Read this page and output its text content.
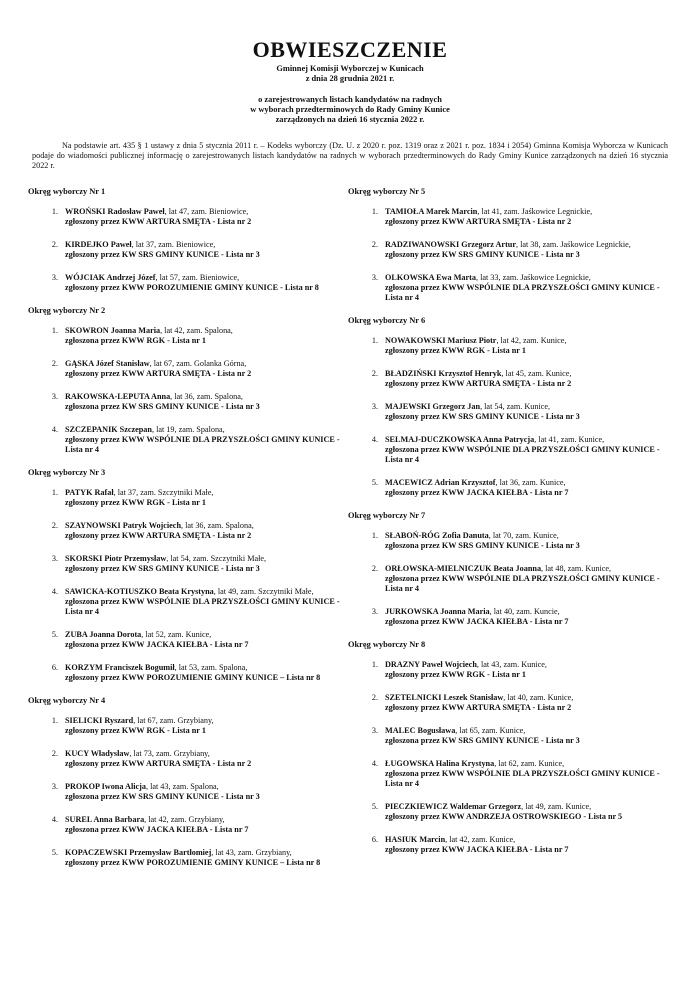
OBWIESZCZENIE
Gminnej Komisji Wyborczej w Kunicach
z dnia 28 grudnia 2021 r.
o zarejestrowanych listach kandydatów na radnych
w wyborach przedterminowych do Rady Gminy Kunice
zarządzonych na dzień 16 stycznia 2022 r.
Na podstawie art. 435 § 1 ustawy z dnia 5 stycznia 2011 r. – Kodeks wyborczy (Dz. U. z 2020 r. poz. 1319 oraz z 2021 r. poz. 1834 i 2054) Gminna Komisja Wyborcza w Kunicach podaje do wiadomości publicznej informację o zarejestrowanych listach kandydatów na radnych w wyborach przedterminowych do Rady Gminy Kunice zarządzonych na dzień 16 stycznia 2022 r.
Okręg wyborczy Nr 1
1. WROŃSKI Radosław Paweł, lat 47, zam. Bieniowice,
zgłoszony przez KWW ARTURA SMĘTA - Lista nr 2
2. KIRDEJKO Paweł, lat 37, zam. Bieniowice,
zgłoszony przez KW SRS GMINY KUNICE - Lista nr 3
3. WÓJCIAK Andrzej Józef, lat 57, zam. Bieniowice,
zgłoszony przez KWW POROZUMIENIE GMINY KUNICE - Lista nr 8
Okręg wyborczy Nr 2
1. SKOWRON Joanna Maria, lat 42, zam. Spalona,
zgłoszona przez KWW RGK - Lista nr 1
2. GĄSKA Józef Stanisław, lat 67, zam. Golanka Górna,
zgłoszony przez KWW ARTURA SMĘTA - Lista nr 2
3. RAKOWSKA-LEPUTA Anna, lat 36, zam. Spalona,
zgłoszona przez KW SRS GMINY KUNICE - Lista nr 3
4. SZCZEPANIK Szczepan, lat 19, zam. Spalona,
zgłoszony przez KWW WSPÓLNIE DLA PRZYSZŁOŚCI GMINY KUNICE - Lista nr 4
Okręg wyborczy Nr 3
1. PATYK Rafał, lat 37, zam. Szczytniki Małe,
zgłoszony przez KWW RGK - Lista nr 1
2. SZAYNOWSKI Patryk Wojciech, lat 36, zam. Spalona,
zgłoszony przez KWW ARTURA SMĘTA - Lista nr 2
3. SKORSKI Piotr Przemysław, lat 54, zam. Szczytniki Małe,
zgłoszony przez KW SRS GMINY KUNICE - Lista nr 3
4. SAWICKA-KOTIUSZKO Beata Krystyna, lat 49, zam. Szczytniki Małe,
zgłoszona przez KWW WSPÓLNIE DLA PRZYSZŁOŚCI GMINY KUNICE - Lista nr 4
5. ZUBA Joanna Dorota, lat 52, zam. Kunice,
zgłoszona przez KWW JACKA KIEŁBA - Lista nr 7
6. KORZYM Franciszek Bogumił, lat 53, zam. Spalona,
zgłoszony przez KWW POROZUMIENIE GMINY KUNICE – Lista nr 8
Okręg wyborczy Nr 4
1. SIELICKI Ryszard, lat 67, zam. Grzybiany,
zgłoszony przez KWW RGK - Lista nr 1
2. KUCY Władysław, lat 73, zam. Grzybiany,
zgłoszony przez KWW ARTURA SMĘTA - Lista nr 2
3. PROKOP Iwona Alicja, lat 43, zam. Spalona,
zgłoszona przez KW SRS GMINY KUNICE - Lista nr 3
4. SUREL Anna Barbara, lat 42, zam. Grzybiany,
zgłoszona przez KWW JACKA KIEŁBA - Lista nr 7
5. KOPACZEWSKI Przemysław Bartłomiej, lat 43, zam. Grzybiany,
zgłoszony przez KWW POROZUMIENIE GMINY KUNICE – Lista nr 8
Okręg wyborczy Nr 5
1. TAMIOŁA Marek Marcin, lat 41, zam. Jaśkowice Legnickie,
zgłoszony przez KWW ARTURA SMĘTA - Lista nr 2
2. RADZIWANOWSKI Grzegorz Artur, lat 38, zam. Jaśkowice Legnickie,
zgłoszony przez KW SRS GMINY KUNICE - Lista nr 3
3. OLKOWSKA Ewa Marta, lat 33, zam. Jaśkowice Legnickie,
zgłoszona przez KWW WSPÓLNIE DLA PRZYSZŁOŚCI GMINY KUNICE - Lista nr 4
Okręg wyborczy Nr 6
1. NOWAKOWSKI Mariusz Piotr, lat 42, zam. Kunice,
zgłoszony przez KWW RGK - Lista nr 1
2. BŁADZIŃSKI Krzysztof Henryk, lat 45, zam. Kunice,
zgłoszony przez KWW ARTURA SMĘTA - Lista nr 2
3. MAJEWSKI Grzegorz Jan, lat 54, zam. Kunice,
zgłoszony przez KW SRS GMINY KUNICE - Lista nr 3
4. SELMAJ-DUCZKOWSKA Anna Patrycja, lat 41, zam. Kunice,
zgłoszona przez KWW WSPÓLNIE DLA PRZYSZŁOŚCI GMINY KUNICE - Lista nr 4
5. MACEWICZ Adrian Krzysztof, lat 36, zam. Kunice,
zgłoszony przez KWW JACKA KIEŁBA - Lista nr 7
Okręg wyborczy Nr 7
1. SŁABOŃ-RÓG Zofia Danuta, lat 70, zam. Kunice,
zgłoszona przez KW SRS GMINY KUNICE - Lista nr 3
2. ORŁOWSKA-MIELNICZUK Beata Joanna, lat 48, zam. Kunice,
zgłoszona przez KWW WSPÓLNIE DLA PRZYSZŁOŚCI GMINY KUNICE - Lista nr 4
3. JURKOWSKA Joanna Maria, lat 40, zam. Kuncie,
zgłoszona przez KWW JACKA KIEŁBA - Lista nr 7
Okręg wyborczy Nr 8
1. DRAZNY Paweł Wojciech, lat 43, zam. Kunice,
zgłoszony przez KWW RGK - Lista nr 1
2. SZETELNICKI Leszek Stanisław, lat 40, zam. Kunice,
zgłoszony przez KWW ARTURA SMĘTA - Lista nr 2
3. MALEC Bogusława, lat 65, zam. Kunice,
zgłoszona przez KW SRS GMINY KUNICE - Lista nr 3
4. ŁUGOWSKA Halina Krystyna, lat 62, zam. Kunice,
zgłoszona przez KWW WSPÓLNIE DLA PRZYSZŁOŚCI GMINY KUNICE - Lista nr 4
5. PIECZKIEWICZ Waldemar Grzegorz, lat 49, zam. Kunice,
zgłoszony przez KWW ANDRZEJA OSTROWSKIEGO - Lista nr 5
6. HASIUK Marcin, lat 42, zam. Kunice,
zgłoszony przez KWW JACKA KIEŁBA - Lista nr 7
